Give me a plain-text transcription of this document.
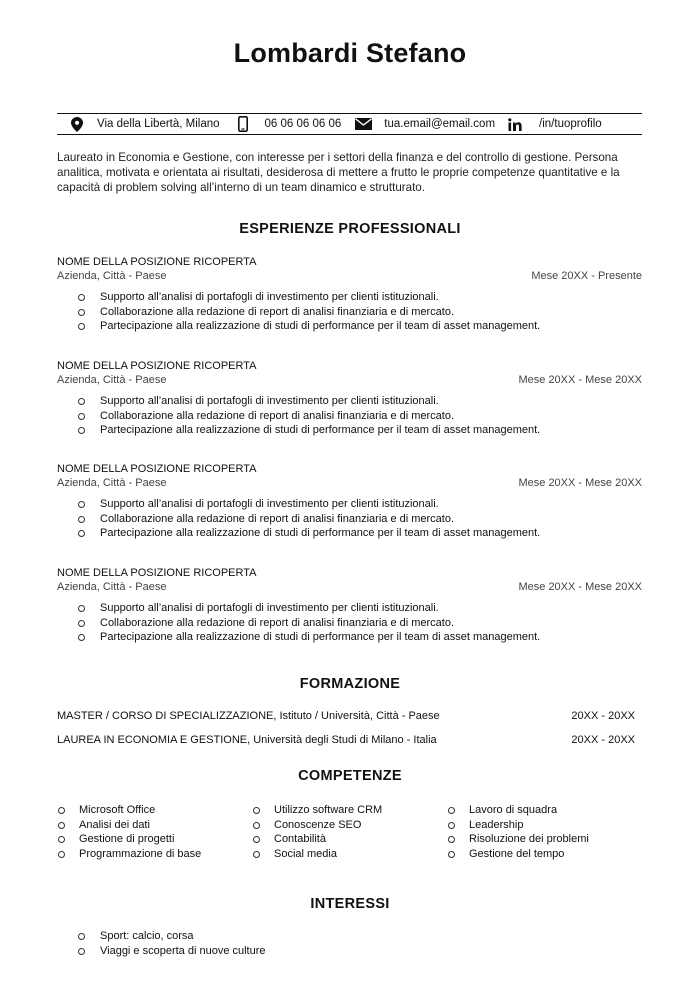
Lombardi Stefano
Via della Libertà, Milano	06 06 06 06 06	tua.email@email.com	/in/tuoprofilo
Laureato in Economia e Gestione, con interesse per i settori della finanza e del controllo di gestione. Persona analitica, motivata e orientata ai risultati, desiderosa di mettere a frutto le proprie competenze quantitative e la capacità di problem solving all’interno di un team dinamico e strutturato.
ESPERIENZE PROFESSIONALI
NOME DELLA POSIZIONE RICOPERTA
Azienda, Città - Paese	Mese 20XX - Presente
Supporto all’analisi di portafogli di investimento per clienti istituzionali.
Collaborazione alla redazione di report di analisi finanziaria e di mercato.
Partecipazione alla realizzazione di studi di performance per il team di asset management.
NOME DELLA POSIZIONE RICOPERTA
Azienda, Città - Paese	Mese 20XX - Mese 20XX
Supporto all’analisi di portafogli di investimento per clienti istituzionali.
Collaborazione alla redazione di report di analisi finanziaria e di mercato.
Partecipazione alla realizzazione di studi di performance per il team di asset management.
NOME DELLA POSIZIONE RICOPERTA
Azienda, Città - Paese	Mese 20XX - Mese 20XX
Supporto all’analisi di portafogli di investimento per clienti istituzionali.
Collaborazione alla redazione di report di analisi finanziaria e di mercato.
Partecipazione alla realizzazione di studi di performance per il team di asset management.
NOME DELLA POSIZIONE RICOPERTA
Azienda, Città - Paese	Mese 20XX - Mese 20XX
Supporto all’analisi di portafogli di investimento per clienti istituzionali.
Collaborazione alla redazione di report di analisi finanziaria e di mercato.
Partecipazione alla realizzazione di studi di performance per il team di asset management.
FORMAZIONE
MASTER / CORSO DI SPECIALIZZAZIONE, Istituto / Università, Città - Paese	20XX - 20XX
LAUREA IN ECONOMIA E GESTIONE, Università degli Studi di Milano - Italia	20XX - 20XX
COMPETENZE
Microsoft Office
Analisi dei dati
Gestione di progetti
Programmazione di base
Utilizzo software CRM
Conoscenze SEO
Contabilità
Social media
Lavoro di squadra
Leadership
Risoluzione dei problemi
Gestione del tempo
INTERESSI
Sport: calcio, corsa
Viaggi e scoperta di nuove culture
